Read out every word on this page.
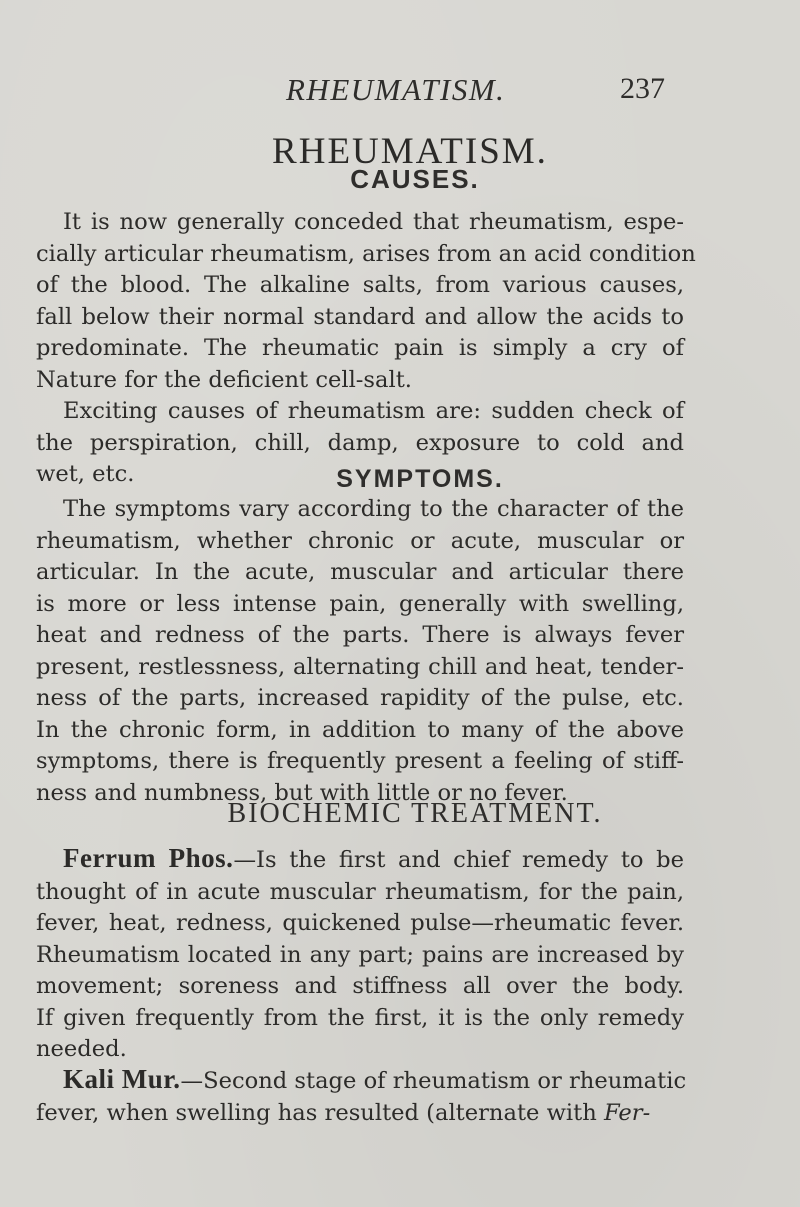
RHEUMATISM.	237
RHEUMATISM.
CAUSES.
It is now generally conceded that rheumatism, espe-
cially articular rheumatism, arises from an acid condition
of the blood. The alkaline salts, from various causes,
fall below their normal standard and allow the acids to
predominate. The rheumatic pain is simply a cry of
Nature for the deficient cell-salt.
Exciting causes of rheumatism are: sudden check of
the perspiration, chill, damp, exposure to cold and
wet, etc.	SYMPTOMS.
The symptoms vary according to the character of the
rheumatism, whether chronic or acute, muscular or
articular. In the acute, muscular and articular there
is more or less intense pain, generally with swelling,
heat and redness of the parts. There is always fever
present, restlessness, alternating chill and heat, tender-
ness of the parts, increased rapidity of the pulse, etc.
In the chronic form, in addition to many of the above
symptoms, there is frequently present a feeling of stiff-
ness and numbness, but with little or no fever.
BIOCHEMIC TREATMENT.
Ferrum Phos.—Is the first and chief remedy to be
thought of in acute muscular rheumatism, for the pain,
fever, heat, redness, quickened pulse—rheumatic fever.
Rheumatism located in any part; pains are increased by
movement; soreness and stiffness all over the body.
If given frequently from the first, it is the only remedy
needed.
Kali Mur.—Second stage of rheumatism or rheumatic
fever, when swelling has resulted (alternate with Fer-
